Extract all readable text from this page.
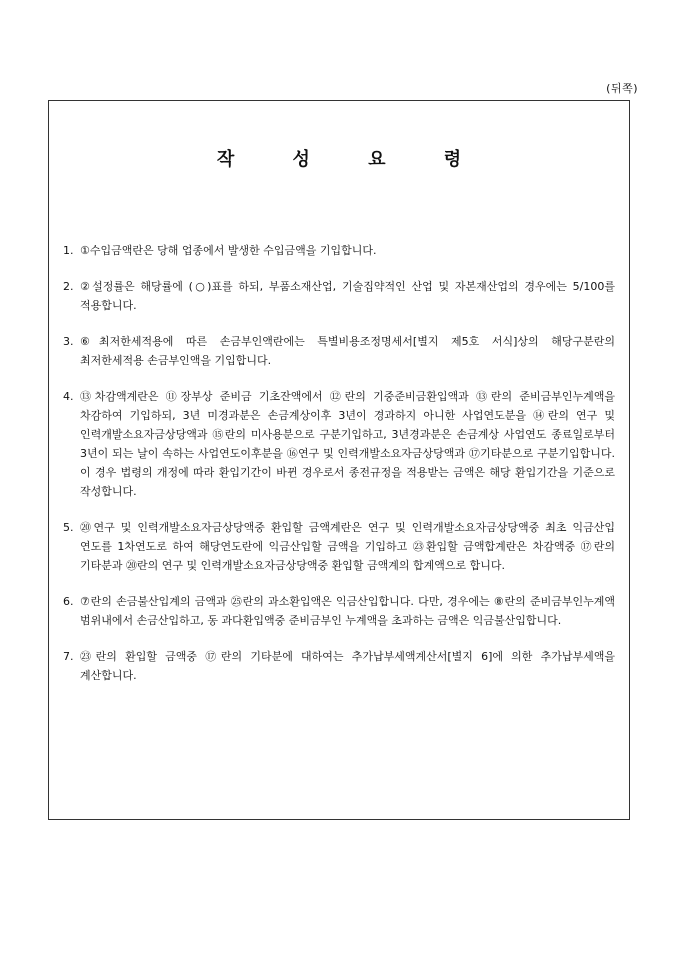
(뒤쪽)
작 성 요 령
1. ①수입금액란은 당해 업종에서 발생한 수입금액을 기입합니다.
2. ②설정률은 해당률에 (○)표를 하되, 부품소재산업, 기술집약적인 산업 및 자본재산업의 경우에는 5/100를 적용합니다.
3. ⑥최저한세적용에 따른 손금부인액란에는 특별비용조정명세서[별지 제5호 서식]상의 해당구분란의 최저한세적용 손금부인액을 기입합니다.
4. ⑬차감액계란은 ⑪장부상 준비금 기초잔액에서 ⑫란의 기중준비금환입액과 ⑬란의 준비금부인누계액을 차감하여 기입하되, 3년 미경과분은 손금계상이후 3년이 경과하지 아니한 사업연도분을 ⑭란의 연구 및 인력개발소요자금상당액과 ⑮란의 미사용분으로 구분기입하고, 3년경과분은 손금계상 사업연도 종료일로부터 3년이 되는 날이 속하는 사업연도이후분을 ⑯연구 및 인력개발소요자금상당액과 ⑰기타분으로 구분기입합니다. 이 경우 법령의 개정에 따라 환입기간이 바뀐 경우로서 종전규정을 적용받는 금액은 해당 환입기간을 기준으로 작성합니다.
5. ⑳연구 및 인력개발소요자금상당액중 환입할 금액계란은 연구 및 인력개발소요자금상당액중 최초 익금산입 연도를 1차연도로 하여 해당연도란에 익금산입할 금액을 기입하고 ㉓환입할 금액합계란은 차감액중 ⑰란의 기타분과 ⑳란의 연구 및 인력개발소요자금상당액중 환입할 금액계의 합계액으로 합니다.
6. ⑦란의 손금불산입계의 금액과 ㉕란의 과소환입액은 익금산입합니다. 다만, 경우에는 ⑧란의 준비금부인누계액 범위내에서 손금산입하고, 동 과다환입액중 준비금부인 누계액을 초과하는 금액은 익금불산입합니다.
7. ㉓란의 환입할 금액중 ⑰란의 기타분에 대하여는 추가납부세액계산서[별지 6]에 의한 추가납부세액을 계산합니다.
